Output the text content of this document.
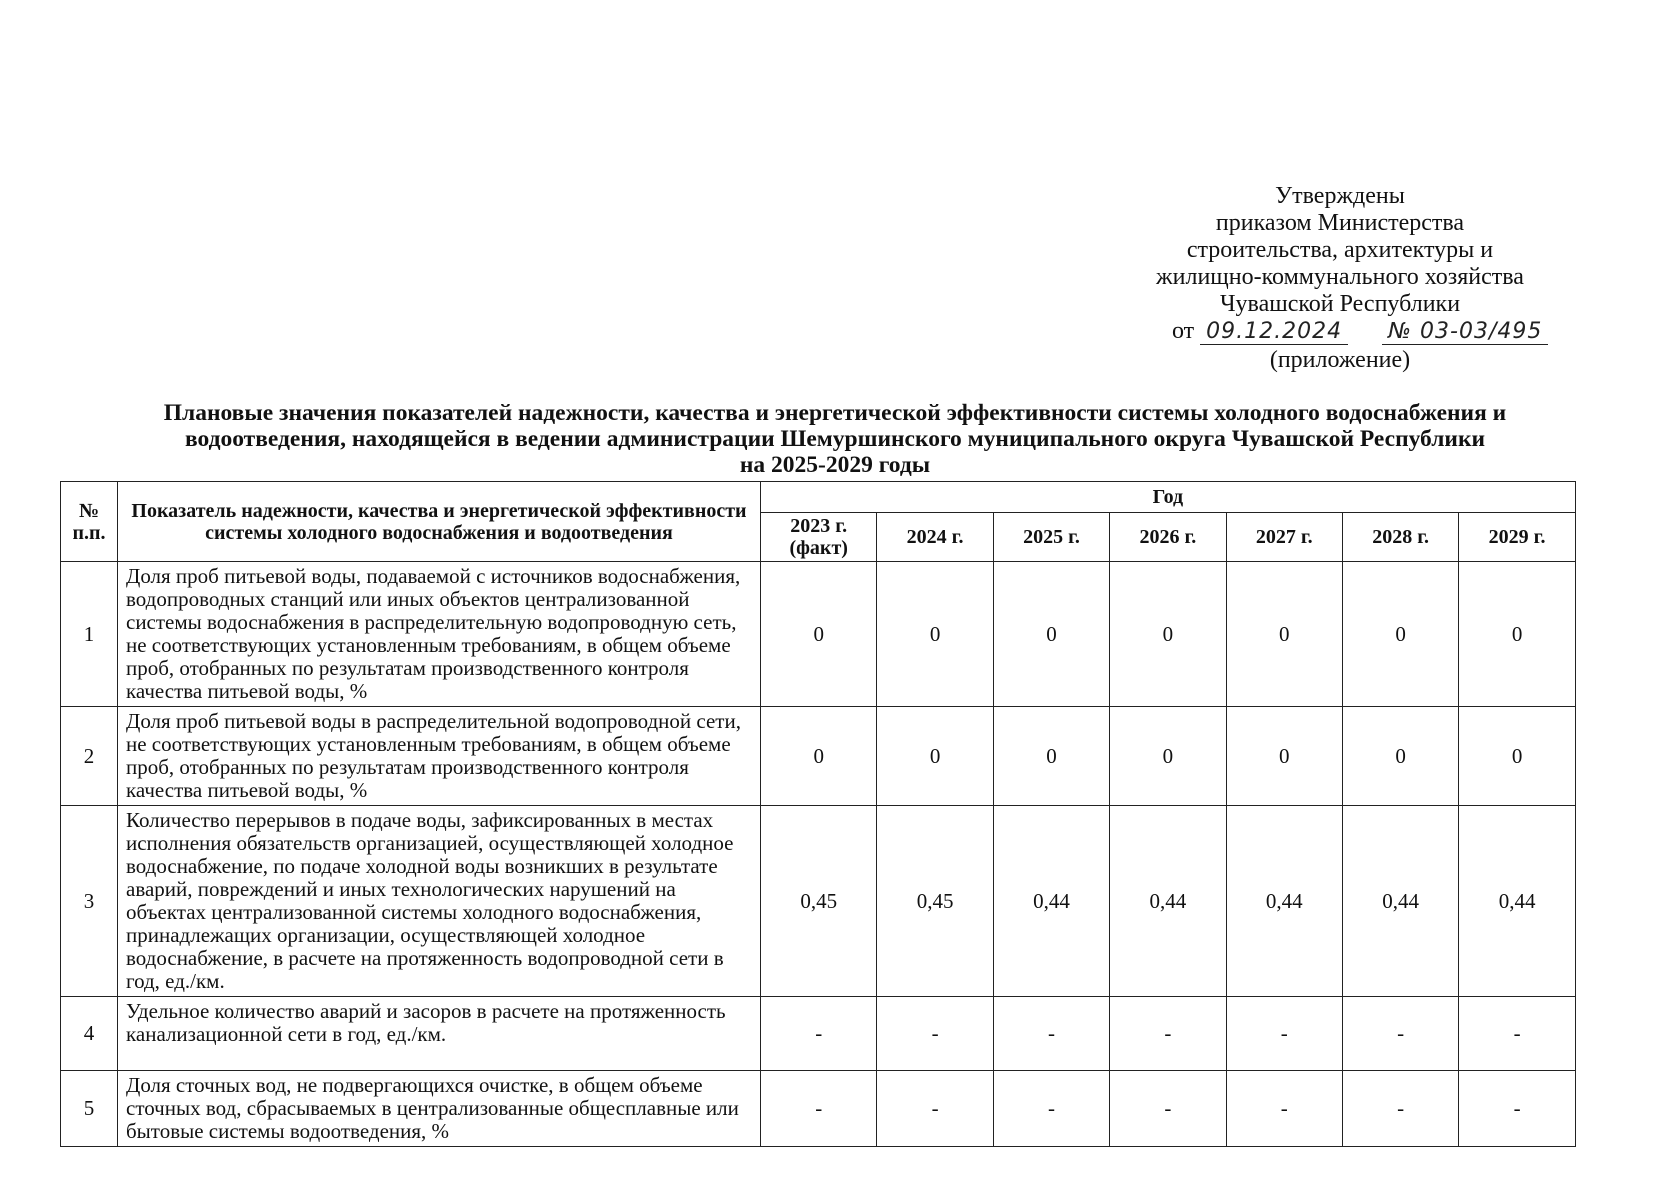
Утверждены
приказом Министерства
строительства, архитектуры и
жилищно-коммунального хозяйства
Чувашской Республики
от 09.12.2024 № 03-03/495
(приложение)
Плановые значения показателей надежности, качества и энергетической эффективности системы холодного водоснабжения и
водоотведения, находящейся в ведении администрации Шемуршинского муниципального округа Чувашской Республики
на 2025-2029 годы
№ п.п.	Показатель надежности, качества и энергетической эффективности системы холодного водоснабжения и водоотведения	Год						
		2023 г. (факт)	2024 г.	2025 г.	2026 г.	2027 г.	2028 г.	2029 г.
1	Доля проб питьевой воды, подаваемой с источников водоснабжения, водопроводных станций или иных объектов централизованной системы водоснабжения в распределительную водопроводную сеть, не соответствующих установленным требованиям, в общем объеме проб, отобранных по результатам производственного контроля качества питьевой воды, %	0	0	0	0	0	0	0
2	Доля проб питьевой воды в распределительной водопроводной сети, не соответствующих установленным требованиям, в общем объеме проб, отобранных по результатам производственного контроля качества питьевой воды, %	0	0	0	0	0	0	0
3	Количество перерывов в подаче воды, зафиксированных в местах исполнения обязательств организацией, осуществляющей холодное водоснабжение, по подаче холодной воды возникших в результате аварий, повреждений и иных технологических нарушений на объектах централизованной системы холодного водоснабжения, принадлежащих организации, осуществляющей холодное водоснабжение, в расчете на протяженность водопроводной сети в год, ед./км.	0,45	0,45	0,44	0,44	0,44	0,44	0,44
4	Удельное количество аварий и засоров в расчете на протяженность канализационной сети в год, ед./км.	-	-	-	-	-	-	-
5	Доля сточных вод, не подвергающихся очистке, в общем объеме сточных вод, сбрасываемых в централизованные общесплавные или бытовые системы водоотведения, %	-	-	-	-	-	-	-
